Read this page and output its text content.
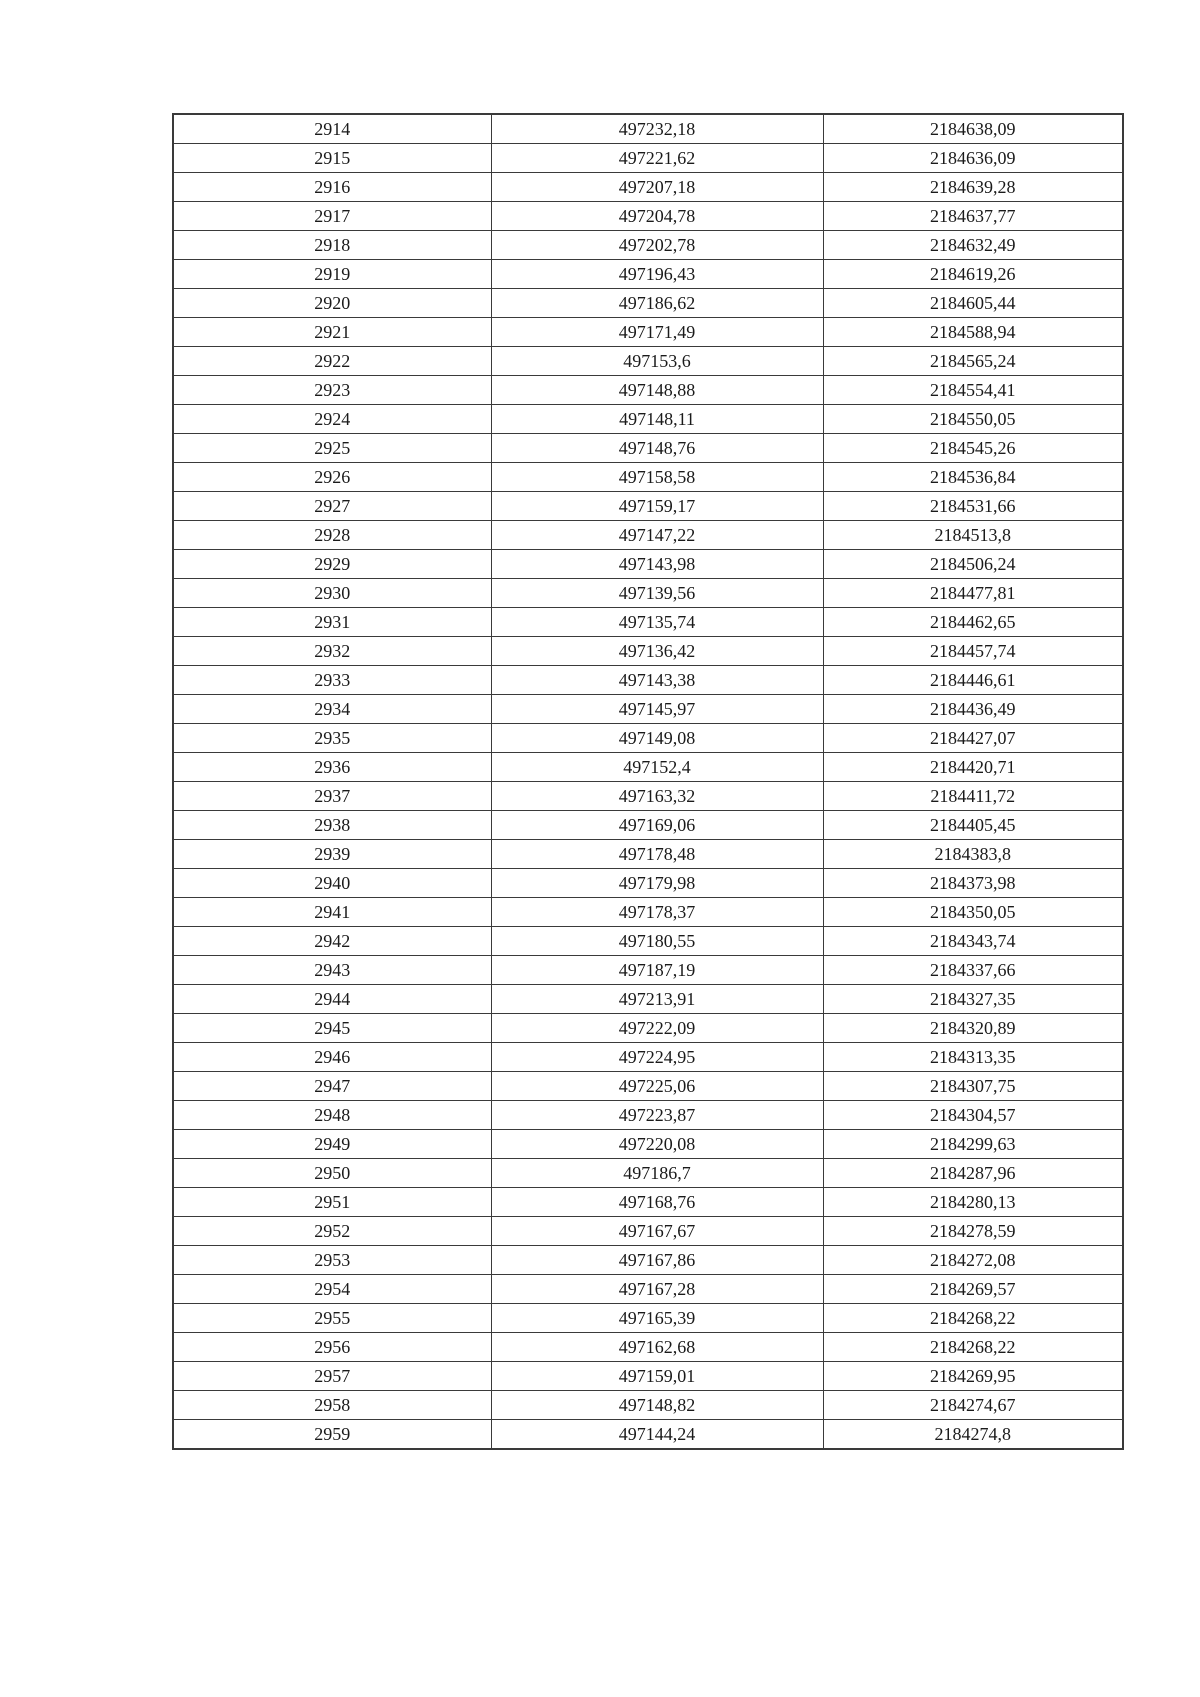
2914	497232,18	2184638,09
2915	497221,62	2184636,09
2916	497207,18	2184639,28
2917	497204,78	2184637,77
2918	497202,78	2184632,49
2919	497196,43	2184619,26
2920	497186,62	2184605,44
2921	497171,49	2184588,94
2922	497153,6	2184565,24
2923	497148,88	2184554,41
2924	497148,11	2184550,05
2925	497148,76	2184545,26
2926	497158,58	2184536,84
2927	497159,17	2184531,66
2928	497147,22	2184513,8
2929	497143,98	2184506,24
2930	497139,56	2184477,81
2931	497135,74	2184462,65
2932	497136,42	2184457,74
2933	497143,38	2184446,61
2934	497145,97	2184436,49
2935	497149,08	2184427,07
2936	497152,4	2184420,71
2937	497163,32	2184411,72
2938	497169,06	2184405,45
2939	497178,48	2184383,8
2940	497179,98	2184373,98
2941	497178,37	2184350,05
2942	497180,55	2184343,74
2943	497187,19	2184337,66
2944	497213,91	2184327,35
2945	497222,09	2184320,89
2946	497224,95	2184313,35
2947	497225,06	2184307,75
2948	497223,87	2184304,57
2949	497220,08	2184299,63
2950	497186,7	2184287,96
2951	497168,76	2184280,13
2952	497167,67	2184278,59
2953	497167,86	2184272,08
2954	497167,28	2184269,57
2955	497165,39	2184268,22
2956	497162,68	2184268,22
2957	497159,01	2184269,95
2958	497148,82	2184274,67
2959	497144,24	2184274,8
